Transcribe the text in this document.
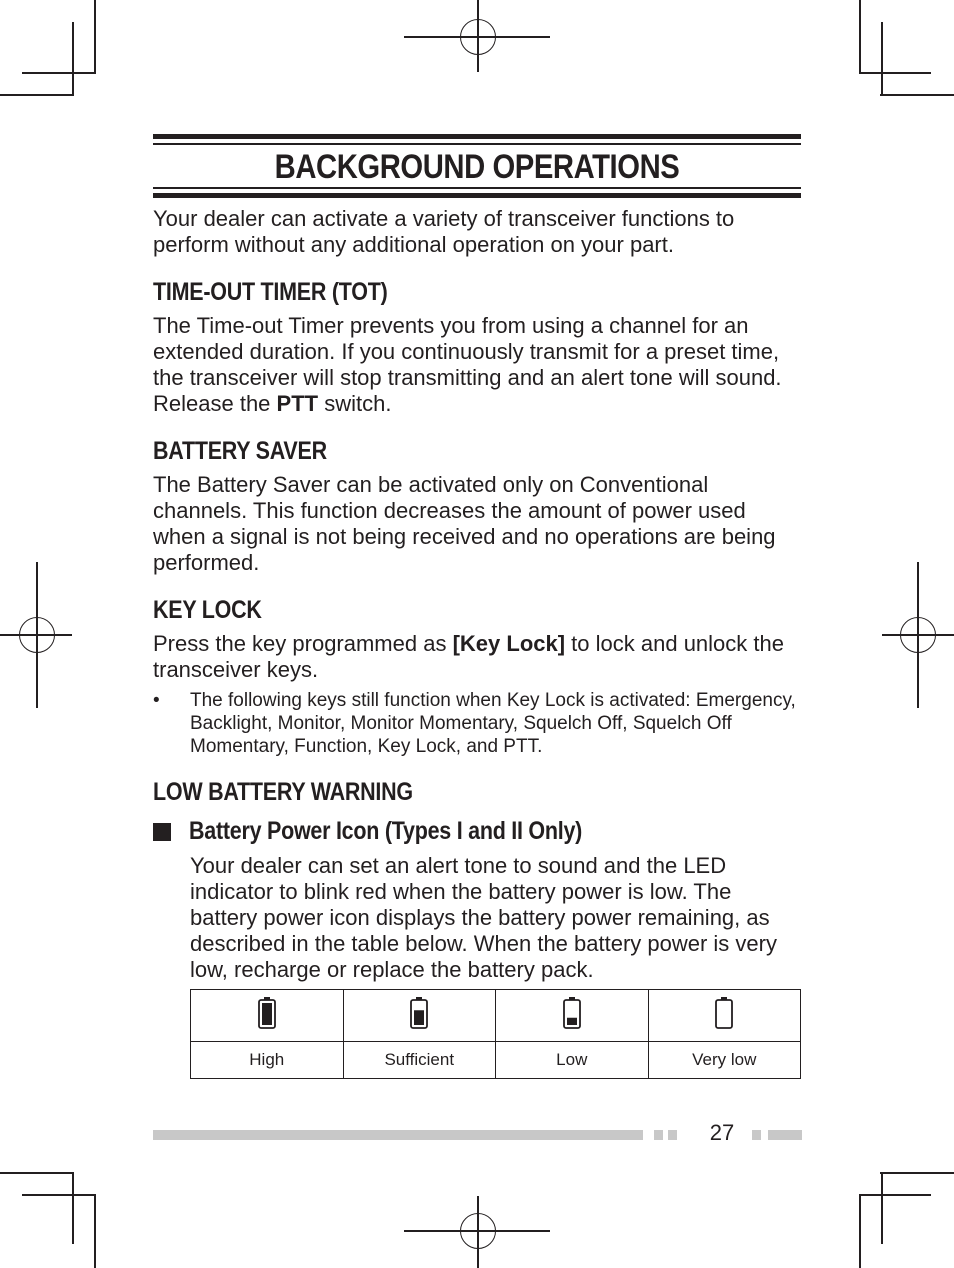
BACKGROUND OPERATIONS

Your dealer can activate a variety of transceiver functions to perform without any additional operation on your part.

TIME-OUT TIMER (TOT)

The Time-out Timer prevents you from using a channel for an extended duration. If you continuously transmit for a preset time, the transceiver will stop transmitting and an alert tone will sound. Release the PTT switch.

BATTERY SAVER

The Battery Saver can be activated only on Conventional channels. This function decreases the amount of power used when a signal is not being received and no operations are being performed.

KEY LOCK

Press the key programmed as [Key Lock] to lock and unlock the transceiver keys.

• The following keys still function when Key Lock is activated: Emergency, Backlight, Monitor, Monitor Momentary, Squelch Off, Squelch Off Momentary, Function, Key Lock, and PTT.
LOW BATTERY WARNING
Battery Power Icon (Types I and II Only)

Your dealer can set an alert tone to sound and the LED indicator to blink red when the battery power is low. The battery power icon displays the battery power remaining, as described in the table below. When the battery power is very low, recharge or replace the battery pack.

High	Sufficient	Low	Very low
27
